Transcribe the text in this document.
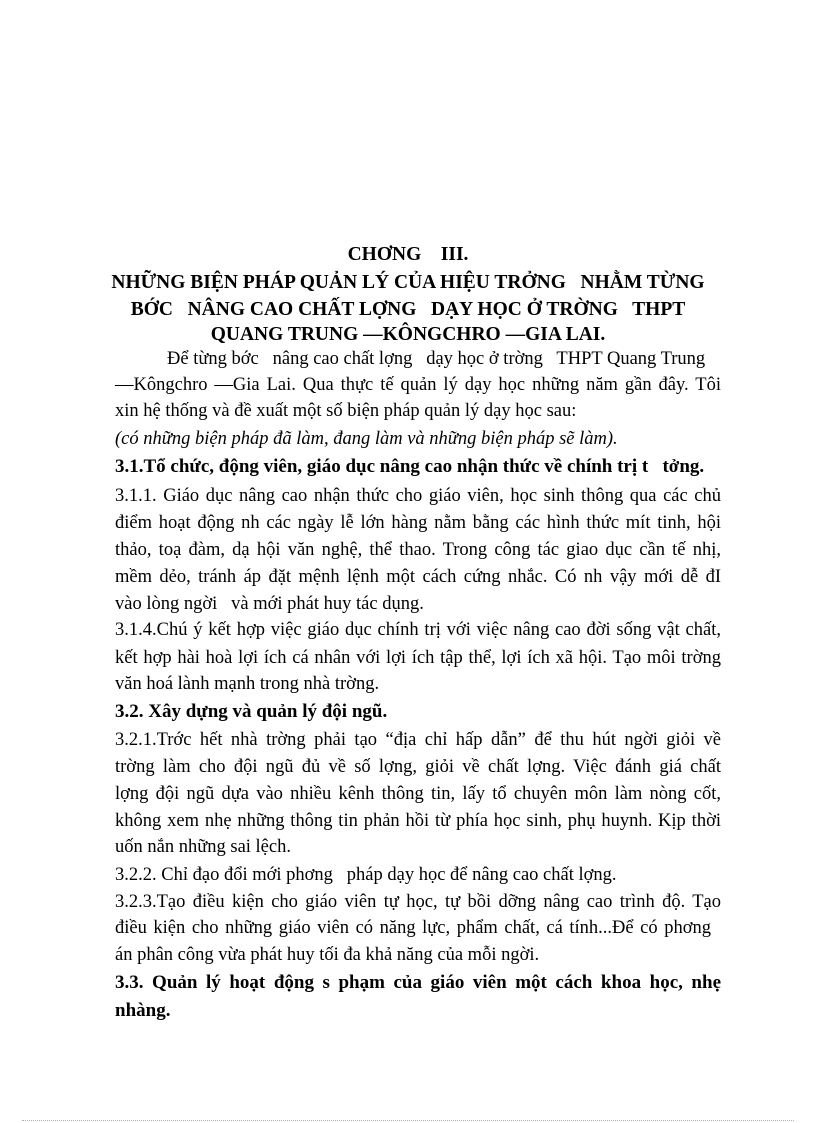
CHƠNG    III.
NHỮNG BIỆN PHÁP QUẢN LÝ CỦA HIỆU TRỞNG   NHẰM TỪNG
BỚC   NÂNG CAO CHẤT LỢNG   DẠY HỌC Ở TRỜNG   THPT
QUANG TRUNG —KÔNGCHRO —GIA LAI.
Để từng bớc   nâng cao chất lợng   dạy học ở trờng   THPT Quang Trung
—Kôngchro —Gia Lai. Qua thực tế quản lý dạy học những năm gần đây. Tôi
xin hệ thống và đề xuất một số biện pháp quản lý dạy học sau:
(có những biện pháp đã làm, đang làm và những biện pháp sẽ làm).
3.1.Tổ chức, động viên, giáo dục nâng cao nhận thức về chính trị t   tởng.
3.1.1. Giáo dục nâng cao nhận thức cho giáo viên, học sinh thông qua các chủ
điểm hoạt động nh các ngày lễ lớn hàng nằm bằng các hình thức mít tinh, hội
thảo, toạ đàm, dạ hội văn nghệ, thể thao. Trong công tác giao dục cần tế nhị,
mềm dẻo, tránh áp đặt mệnh lệnh một cách cứng nhắc. Có nh vậy mới dễ đI
vào lòng ngời   và mới phát huy tác dụng.
3.1.4.Chú ý kết hợp việc giáo dục chính trị với việc nâng cao đời sống vật chất,
kết hợp hài hoà lợi ích cá nhân với lợi ích tập thể, lợi ích xã hội. Tạo môi trờng
văn hoá lành mạnh trong nhà trờng.
3.2. Xây dựng và quản lý đội ngũ.
3.2.1.Trớc hết nhà trờng phải tạo “địa chỉ hấp dẫn” để thu hút ngời giỏi về
trờng làm cho đội ngũ đủ về số lợng, giỏi về chất lợng. Việc đánh giá chất
lợng đội ngũ dựa vào nhiều kênh thông tin, lấy tổ chuyên môn làm nòng cốt,
không xem nhẹ những thông tin phản hồi từ phía học sinh, phụ huynh. Kịp thời
uốn nắn những sai lệch.
3.2.2. Chỉ đạo đổi mới phơng   pháp dạy học để nâng cao chất lợng.
3.2.3.Tạo điều kiện cho giáo viên tự học, tự bồi dỡng nâng cao trình độ. Tạo
điều kiện cho những giáo viên có năng lực, phẩm chất, cá tính...Để có phơng
án phân công vừa phát huy tối đa khả năng của mỗi ngời.
3.3. Quản lý hoạt động s phạm của giáo viên một cách khoa học, nhẹ
nhàng.
